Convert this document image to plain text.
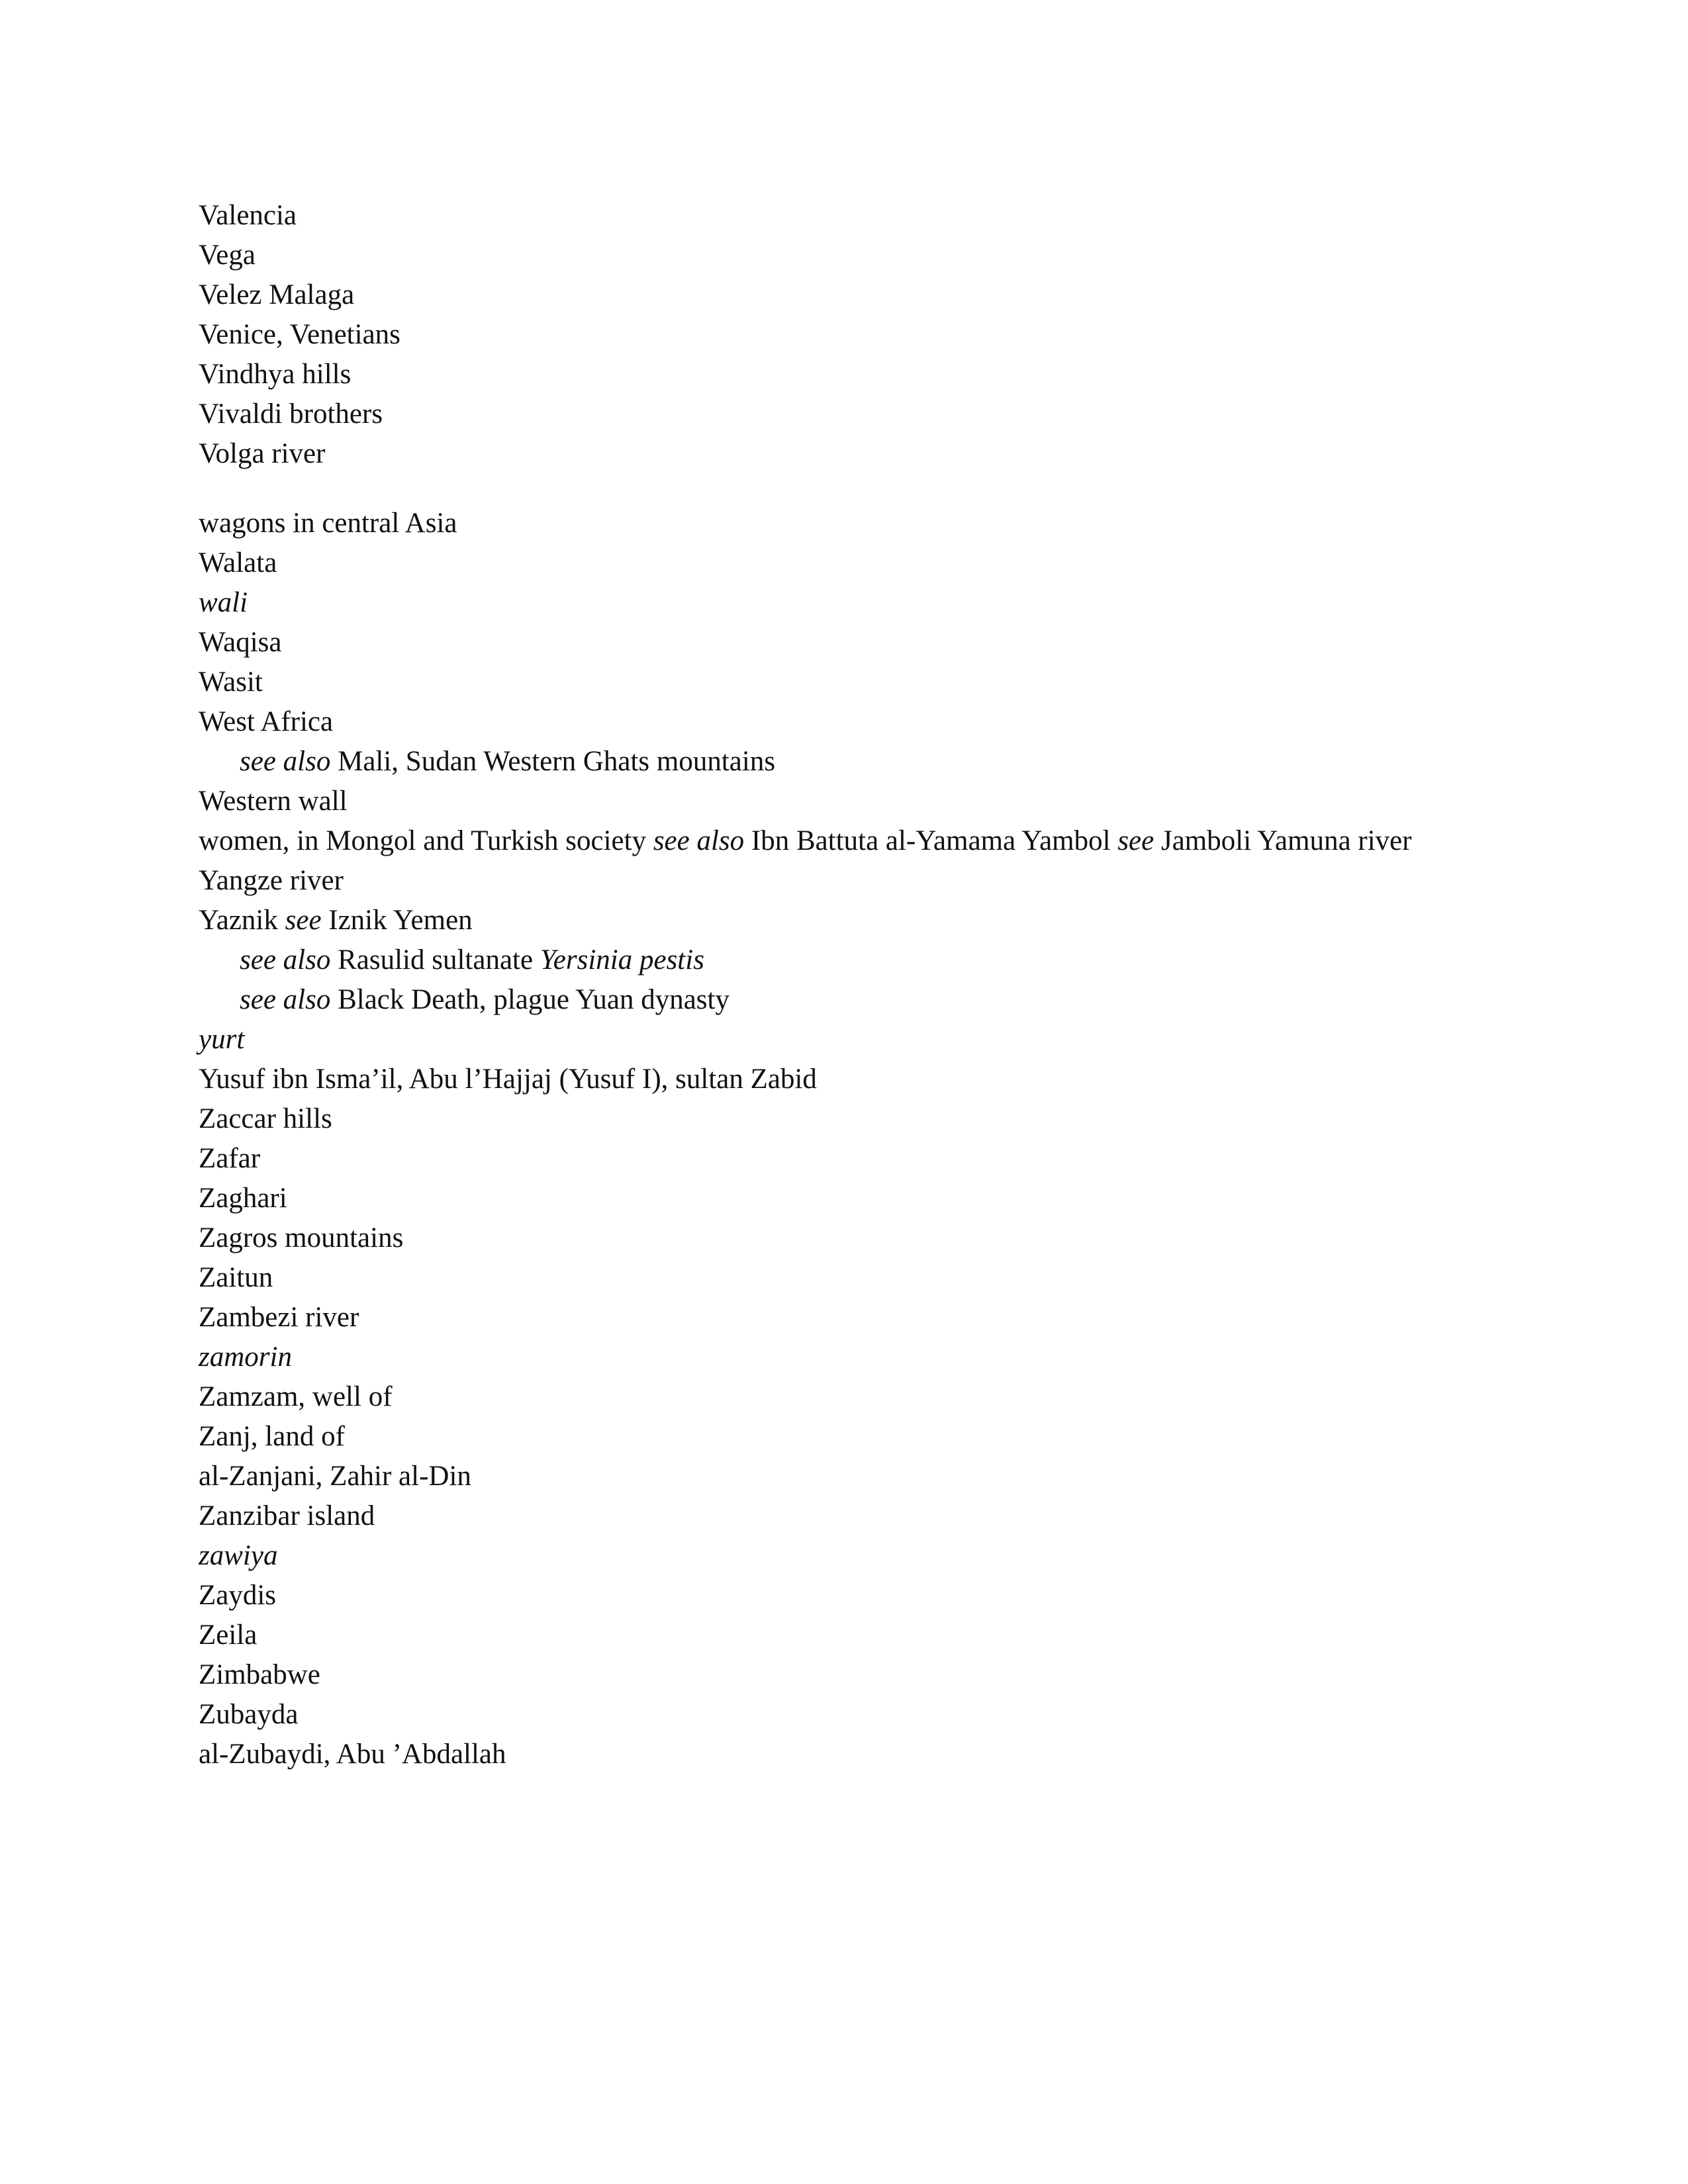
Valencia
Vega
Velez Malaga
Venice, Venetians
Vindhya hills
Vivaldi brothers
Volga river
wagons in central Asia
Walata
wali
Waqisa
Wasit
West Africa
see also Mali, Sudan Western Ghats mountains
Western wall
women, in Mongol and Turkish society see also Ibn Battuta al-Yamama Yambol see Jamboli Yamuna river
Yangze river
Yaznik see Iznik Yemen
see also Rasulid sultanate Yersinia pestis
see also Black Death, plague Yuan dynasty
yurt
Yusuf ibn Isma’il, Abu l’Hajjaj (Yusuf I), sultan Zabid
Zaccar hills
Zafar
Zaghari
Zagros mountains
Zaitun
Zambezi river
zamorin
Zamzam, well of
Zanj, land of
al-Zanjani, Zahir al-Din
Zanzibar island
zawiya
Zaydis
Zeila
Zimbabwe
Zubayda
al-Zubaydi, Abu ’Abdallah
